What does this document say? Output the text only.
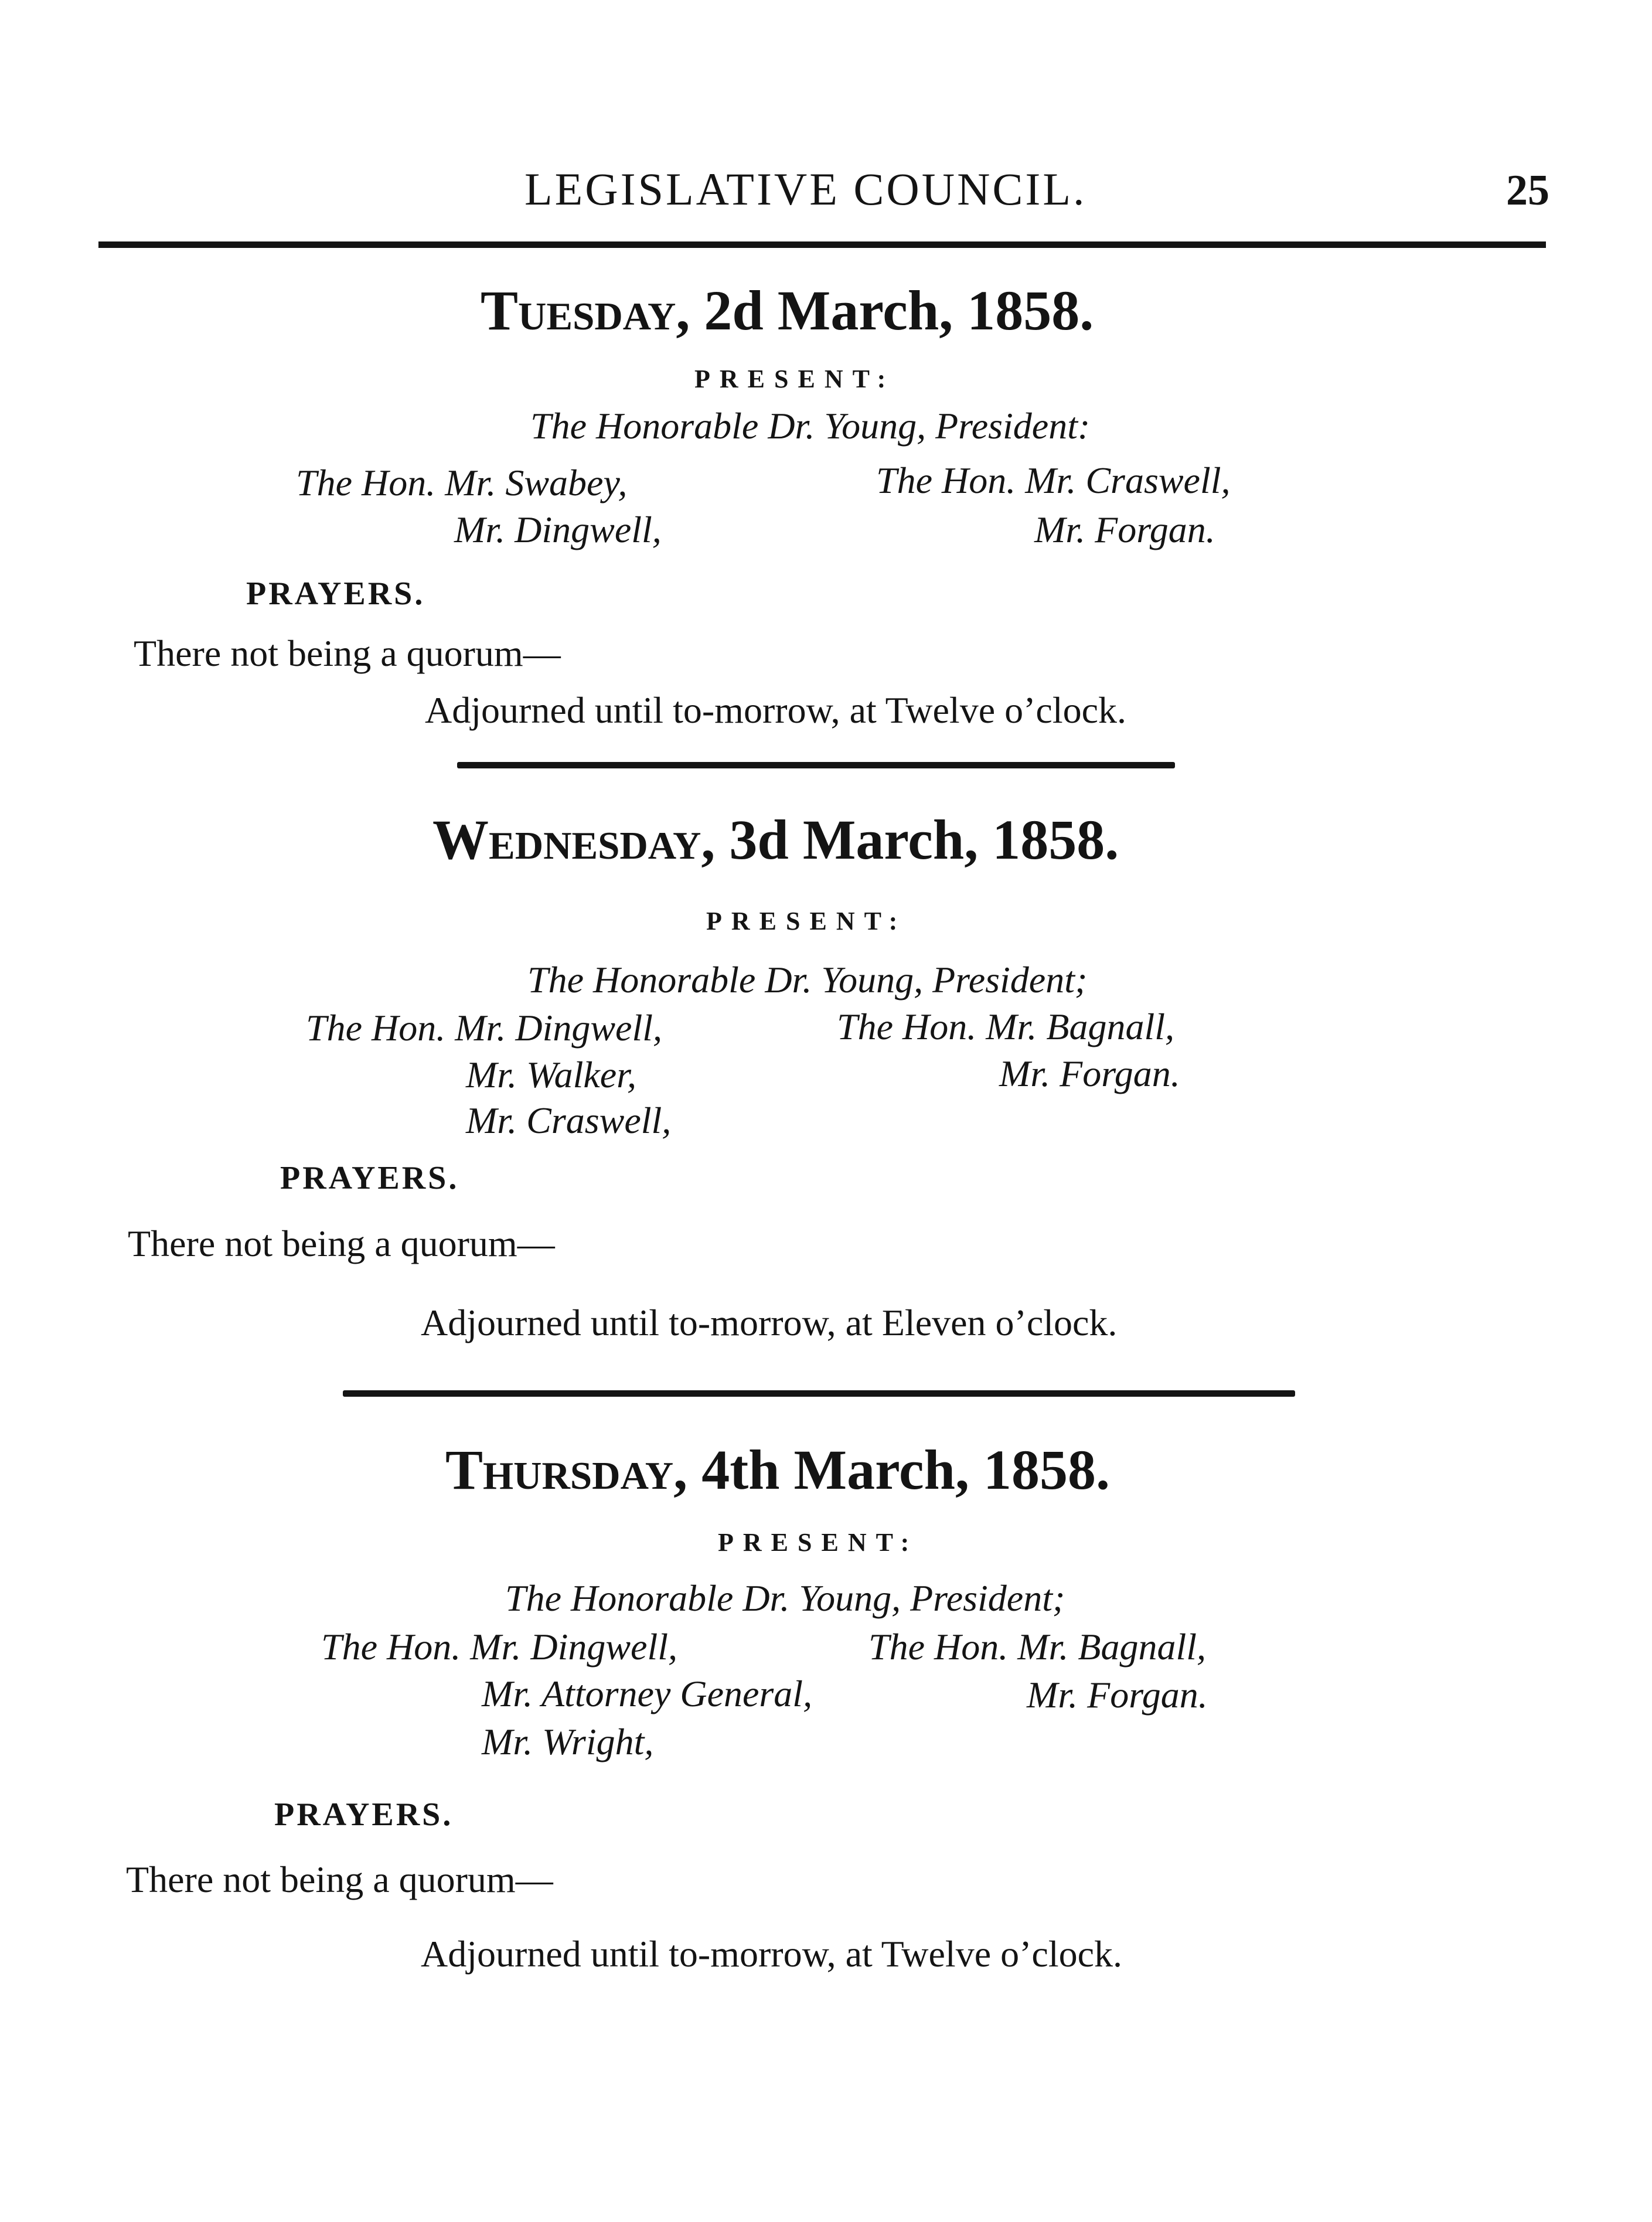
LEGISLATIVE COUNCIL.	25
Tuesday, 2d March, 1858.
PRESENT:
The Honorable Dr. Young, President:
The Hon. Mr. Swabey,
Mr. Dingwell,
The Hon. Mr. Craswell,
Mr. Forgan.
PRAYERS.
There not being a quorum—
Adjourned until to-morrow, at Twelve o’clock.
Wednesday, 3d March, 1858.
PRESENT:
The Honorable Dr. Young, President;
The Hon. Mr. Dingwell,
Mr. Walker,
Mr. Craswell,
The Hon. Mr. Bagnall,
Mr. Forgan.
PRAYERS.
There not being a quorum—
Adjourned until to-morrow, at Eleven o’clock.
Thursday, 4th March, 1858.
PRESENT:
The Honorable Dr. Young, President;
The Hon. Mr. Dingwell,
Mr. Attorney General,
Mr. Wright,
The Hon. Mr. Bagnall,
Mr. Forgan.
PRAYERS.
There not being a quorum—
Adjourned until to-morrow, at Twelve o’clock.
